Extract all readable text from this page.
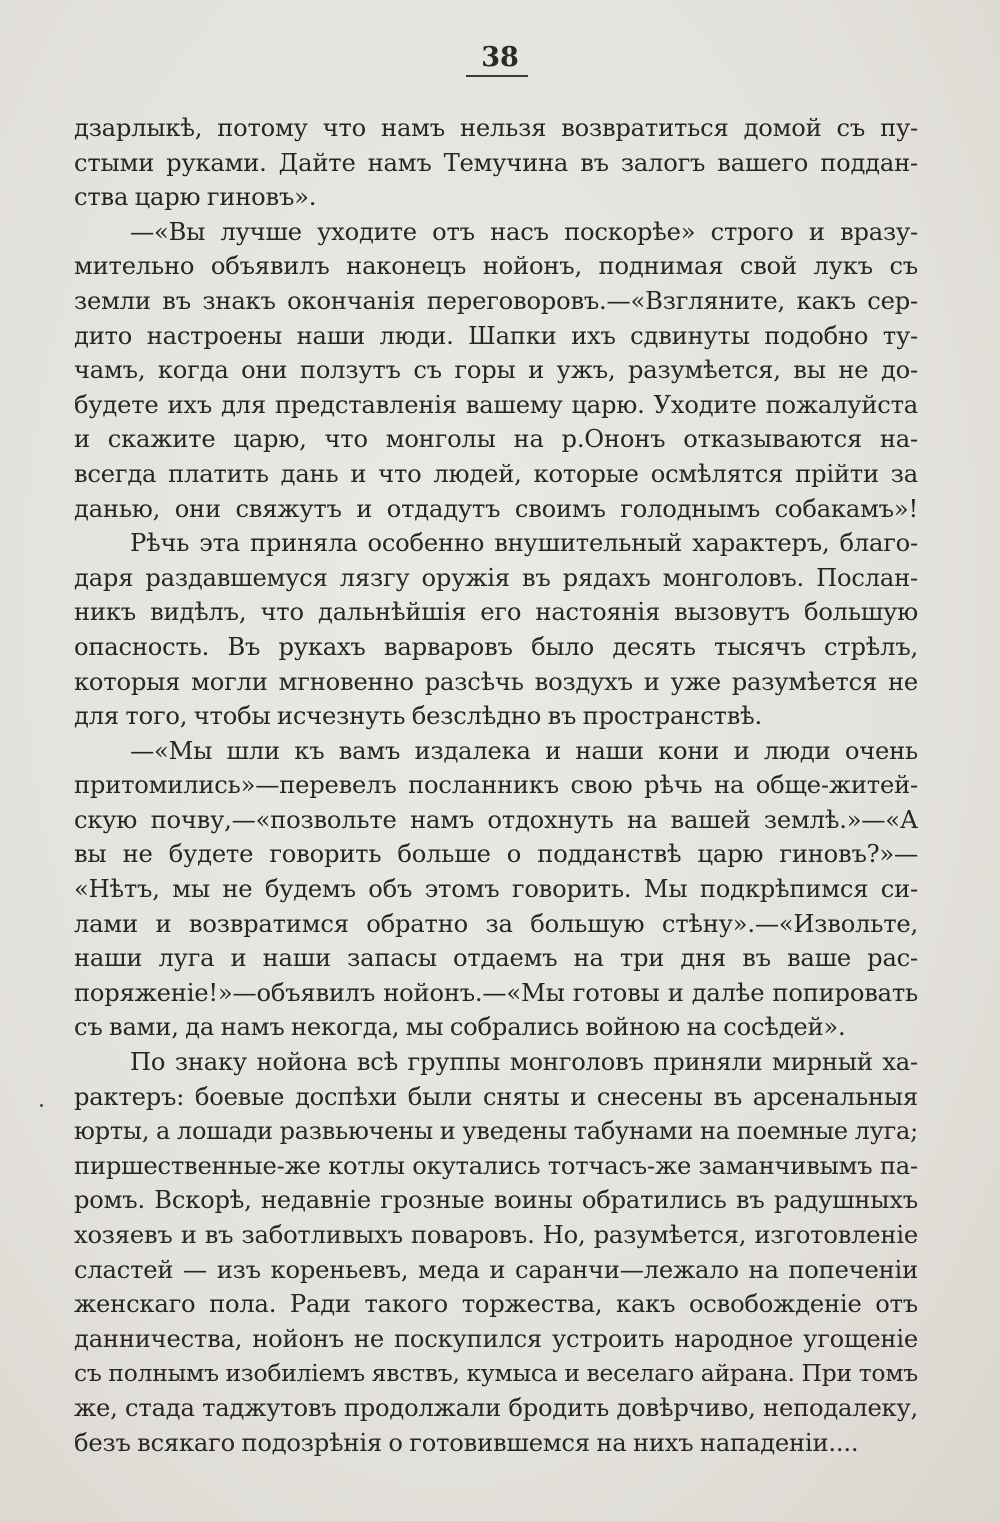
38
дзарлыкѣ, потому что намъ нельзя возвратиться домой съ пу-
стыми руками. Дайте намъ Темучина въ залогъ вашего поддан-
ства царю гиновъ».
—«Вы лучше уходите отъ насъ поскорѣе» строго и вразу-
мительно объявилъ наконецъ нойонъ, поднимая свой лукъ съ
земли въ знакъ окончанія переговоровъ.—«Взгляните, какъ сер-
дито настроены наши люди. Шапки ихъ сдвинуты подобно ту-
чамъ, когда они ползутъ съ горы и ужъ, разумѣется, вы не до-
будете ихъ для представленія вашему царю. Уходите пожалуйста
и скажите царю, что монголы на р.Ононъ отказываются на-
всегда платить дань и что людей, которые осмѣлятся прійти за
данью, они свяжутъ и отдадутъ своимъ голоднымъ собакамъ»!
Рѣчь эта приняла особенно внушительный характеръ, благо-
даря раздавшемуся лязгу оружія въ рядахъ монголовъ. Послан-
никъ видѣлъ, что дальнѣйшія его настоянія вызовутъ большую
опасность. Въ рукахъ варваровъ было десять тысячъ стрѣлъ,
которыя могли мгновенно разсѣчь воздухъ и уже разумѣется не
для того, чтобы исчезнуть безслѣдно въ пространствѣ.
—«Мы шли къ вамъ издалека и наши кони и люди очень
притомились»—перевелъ посланникъ свою рѣчь на обще-житей-
скую почву,—«позвольте намъ отдохнуть на вашей землѣ.»—«А
вы не будете говорить больше о подданствѣ царю гиновъ?»—
«Нѣтъ, мы не будемъ объ этомъ говорить. Мы подкрѣпимся си-
лами и возвратимся обратно за большую стѣну».—«Извольте,
наши луга и наши запасы отдаемъ на три дня въ ваше рас-
поряженіе!»—объявилъ нойонъ.—«Мы готовы и далѣе попировать
съ вами, да намъ некогда, мы собрались войною на сосѣдей».
По знаку нойона всѣ группы монголовъ приняли мирный ха-
рактеръ: боевые доспѣхи были сняты и снесены въ арсенальныя
юрты, а лошади развьючены и уведены табунами на поемные луга;
пиршественные-же котлы окутались тотчасъ-же заманчивымъ па-
ромъ. Вскорѣ, недавніе грозные воины обратились въ радушныхъ
хозяевъ и въ заботливыхъ поваровъ. Но, разумѣется, изготовленіе
сластей — изъ кореньевъ, меда и саранчи—лежало на попеченіи
женскаго пола. Ради такого торжества, какъ освобожденіе отъ
данничества, нойонъ не поскупился устроить народное угощеніе
съ полнымъ изобиліемъ явствъ, кумыса и веселаго айрана. При томъ
же, стада таджутовъ продолжали бродить довѣрчиво, неподалеку,
безъ всякаго подозрѣнія о готовившемся на нихъ нападеніи....
